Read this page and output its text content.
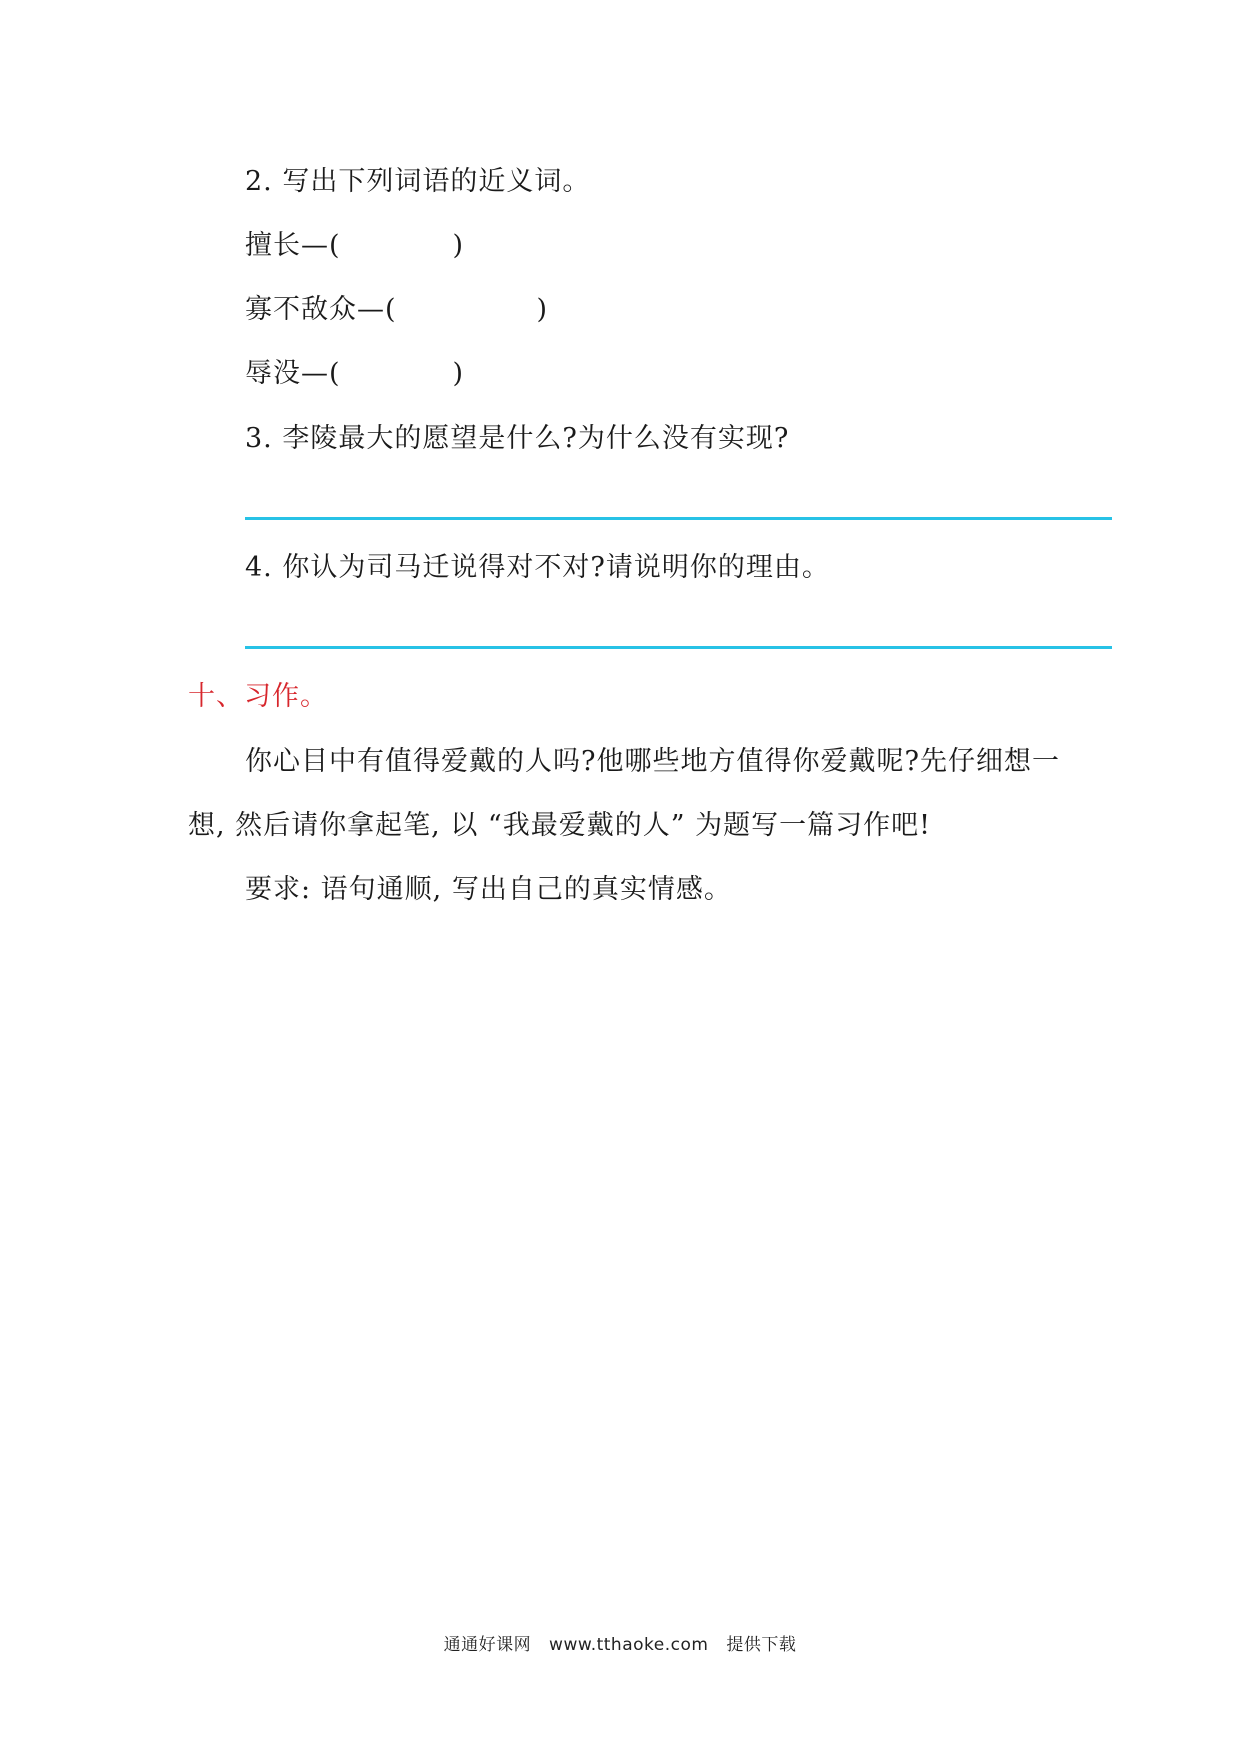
2. 写出下列词语的近义词。
擅长—(	)
寡不敌众—(	)
辱没—(	)
3. 李陵最大的愿望是什么?为什么没有实现?
4. 你认为司马迁说得对不对?请说明你的理由。
十、习作。
你心目中有值得爱戴的人吗?他哪些地方值得你爱戴呢?先仔细想一
想, 然后请你拿起笔, 以 “我最爱戴的人” 为题写一篇习作吧!
要求: 语句通顺, 写出自己的真实情感。
通通好课网 www.tthaoke.com 提供下载
